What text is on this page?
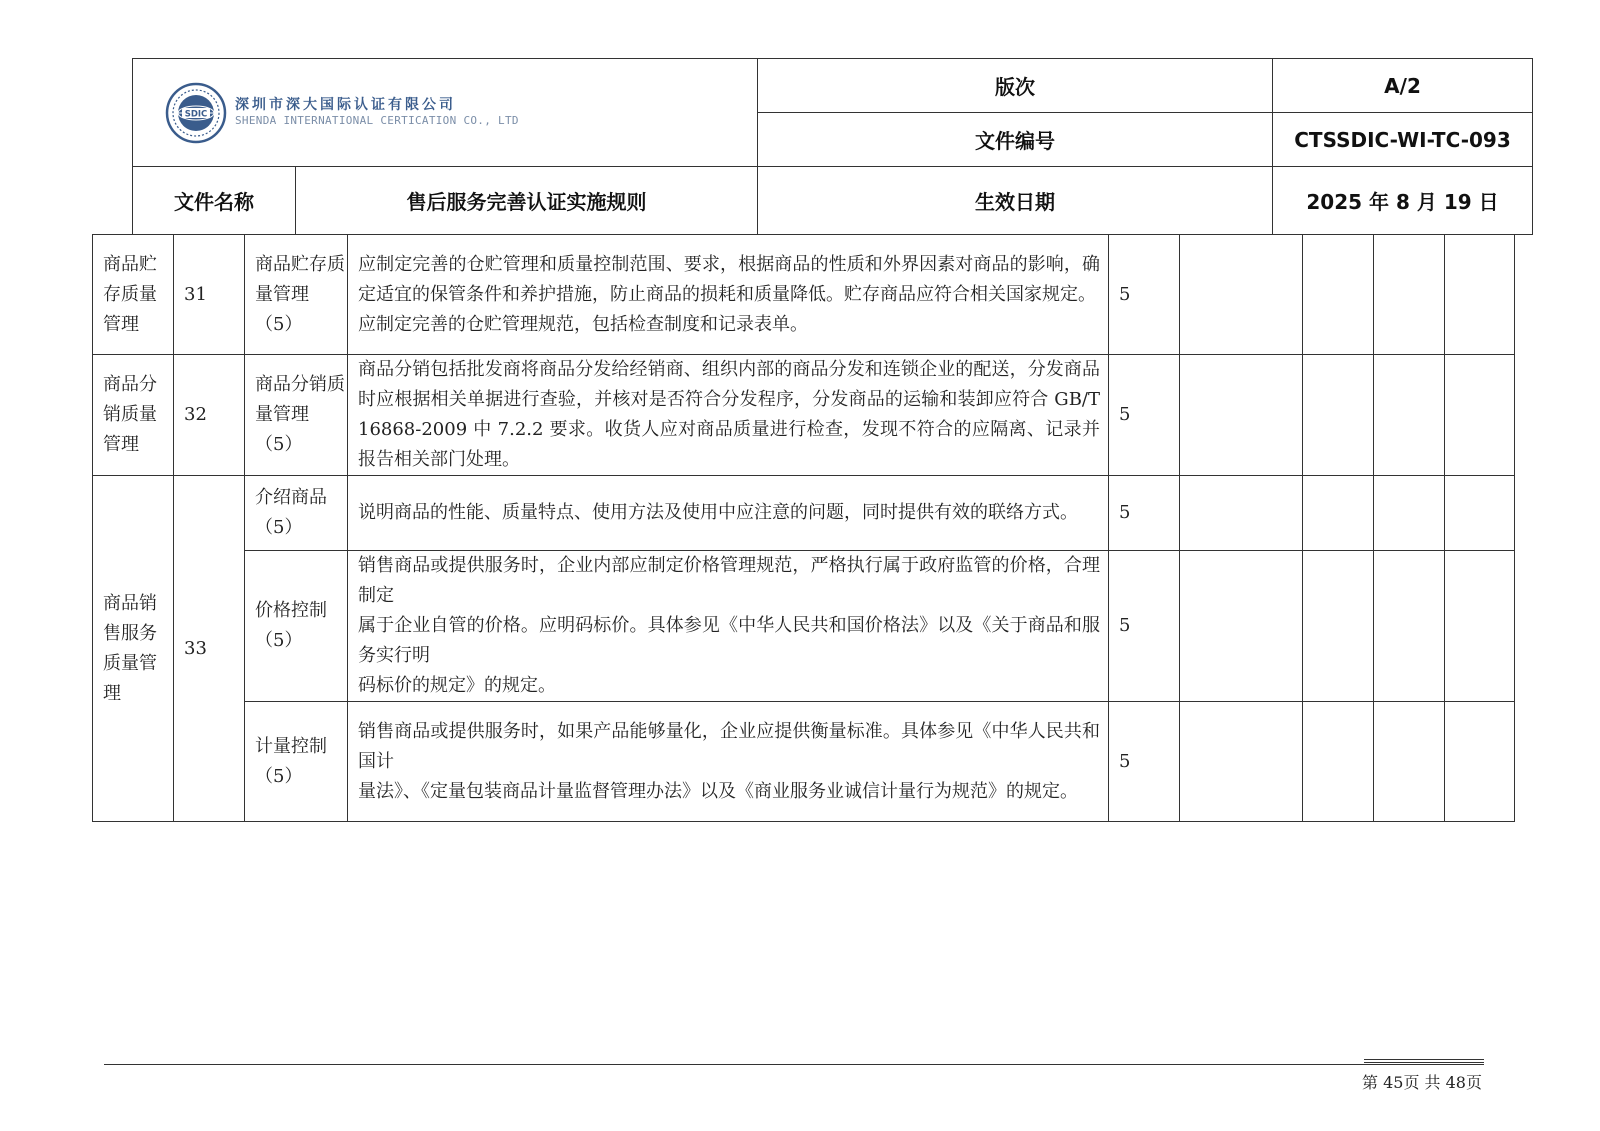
SDIC
深圳市深大国际认证有限公司
SHENDA INTERNATIONAL CERTICATION CO., LTD		版次	A/2
		文件编号	CTSSDIC-WI-TC-093
文件名称	售后服务完善认证实施规则	生效日期	2025 年 8 月 19 日
商品贮存质量管理	31	商品贮存质量管理（5）	应制定完善的仓贮管理和质量控制范围、要求，根据商品的性质和外界因素对商品的影响，确定适宜的保管条件和养护措施，防止商品的损耗和质量降低。贮存商品应符合相关国家规定。
应制定完善的仓贮管理规范，包括检查制度和记录表单。	5				
商品分销质量管理	32	商品分销质量管理（5）	商品分销包括批发商将商品分发给经销商、组织内部的商品分发和连锁企业的配送，分发商品时应根据相关单据进行查验，并核对是否符合分发程序，分发商品的运输和装卸应符合 GB/T 16868-2009 中 7.2.2 要求。收货人应对商品质量进行检查，发现不符合的应隔离、记录并报告相关部门处理。	5				
商品销售服务质量管理	33	介绍商品（5）	说明商品的性能、质量特点、使用方法及使用中应注意的问题，同时提供有效的联络方式。	5				
		价格控制（5）	销售商品或提供服务时，企业内部应制定价格管理规范，严格执行属于政府监管的价格，合理制定
属于企业自管的价格。应明码标价。具体参见《中华人民共和国价格法》以及《关于商品和服务实行明
码标价的规定》的规定。	5				
		计量控制（5）	销售商品或提供服务时，如果产品能够量化，企业应提供衡量标准。具体参见《中华人民共和国计
量法》、《定量包装商品计量监督管理办法》以及《商业服务业诚信计量行为规范》的规定。	5				
第 45页 共 48页
